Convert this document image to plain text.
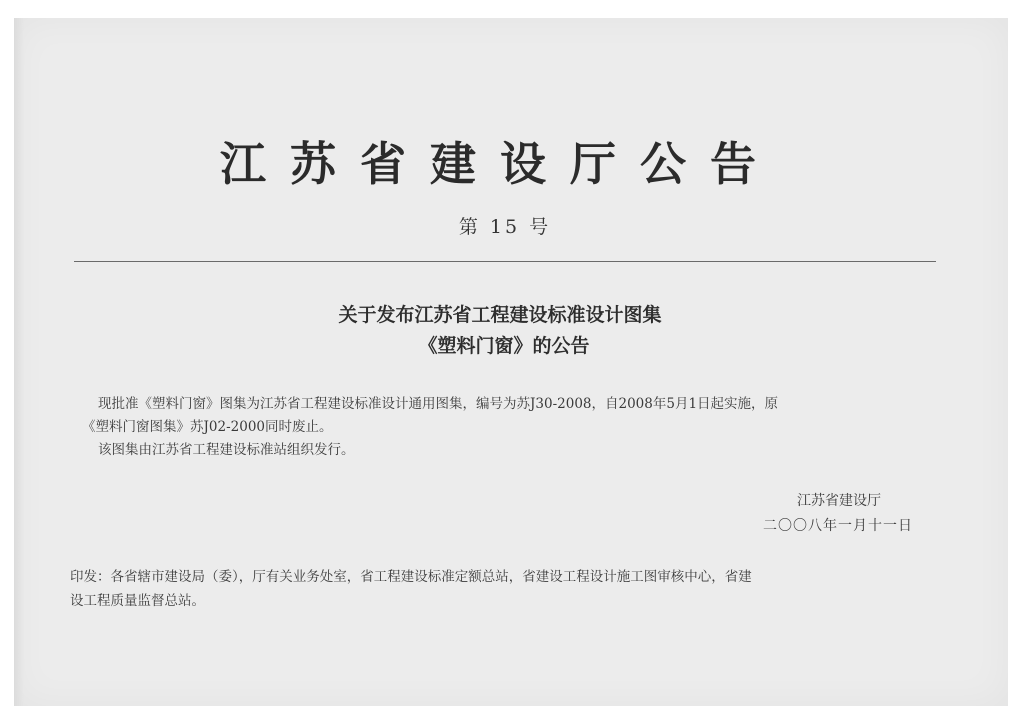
江苏省建设厅公告
第 15 号
关于发布江苏省工程建设标准设计图集
《塑料门窗》的公告
现批准《塑料门窗》图集为江苏省工程建设标准设计通用图集，编号为苏J30-2008，自2008年5月1日起实施，原
《塑料门窗图集》苏J02-2000同时废止。
该图集由江苏省工程建设标准站组织发行。
江苏省建设厅
二〇〇八年一月十一日
印发：各省辖市建设局（委），厅有关业务处室，省工程建设标准定额总站，省建设工程设计施工图审核中心，省建
设工程质量监督总站。
